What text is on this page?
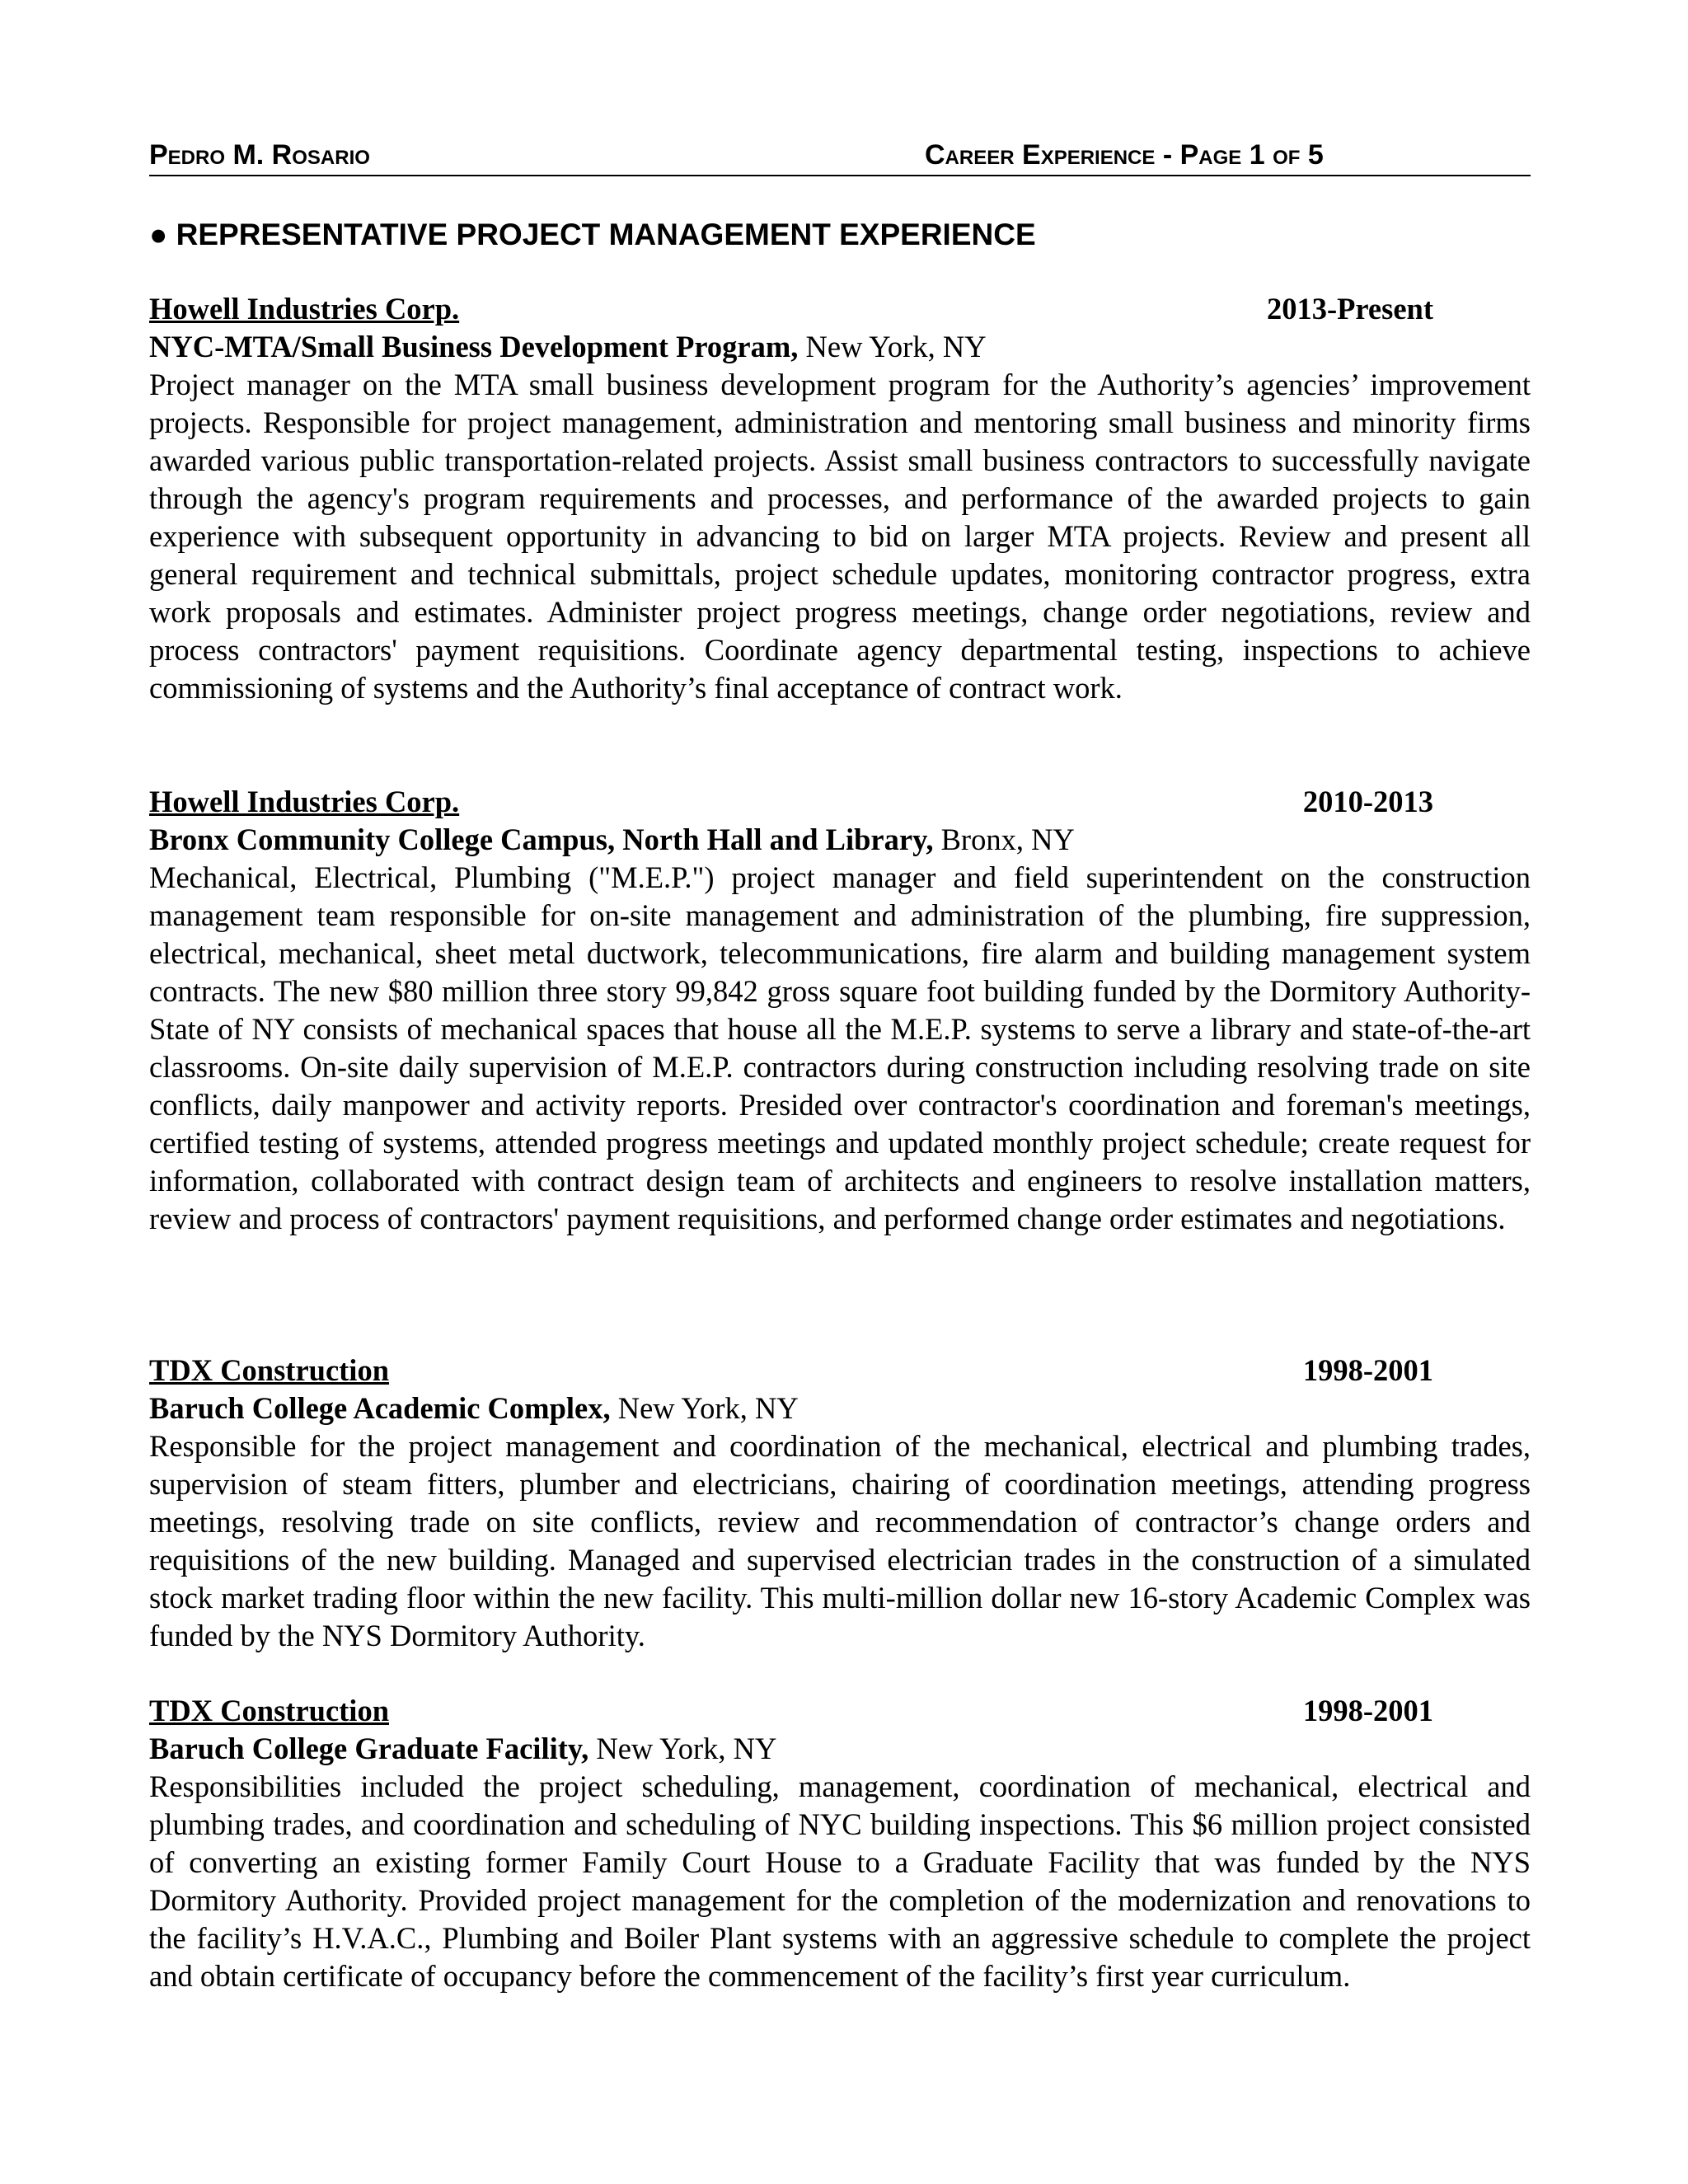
Pedro M. Rosario	Career Experience - Page 1 of 5
● REPRESENTATIVE PROJECT MANAGEMENT EXPERIENCE
Howell Industries Corp.	2013-Present
NYC-MTA/Small Business Development Program, New York, NY

Project manager on the MTA small business development program for the Authority’s agencies’ improvement projects. Responsible for project management, administration and mentoring small business and minority firms awarded various public transportation-related projects. Assist small business contractors to successfully navigate through the agency's program requirements and processes, and performance of the awarded projects to gain experience with subsequent opportunity in advancing to bid on larger MTA projects. Review and present all general requirement and technical submittals, project schedule updates, monitoring contractor progress, extra work proposals and estimates. Administer project progress meetings, change order negotiations, review and process contractors' payment requisitions. Coordinate agency departmental testing, inspections to achieve commissioning of systems and the Authority’s final acceptance of contract work.

Howell Industries Corp.	2010-2013
Bronx Community College Campus, North Hall and Library, Bronx, NY

Mechanical, Electrical, Plumbing ("M.E.P.") project manager and field superintendent on the construction management team responsible for on-site management and administration of the plumbing, fire suppression, electrical, mechanical, sheet metal ductwork, telecommunications, fire alarm and building management system contracts. The new $80 million three story 99,842 gross square foot building funded by the Dormitory Authority-State of NY consists of mechanical spaces that house all the M.E.P. systems to serve a library and state-of-the-art classrooms. On-site daily supervision of M.E.P. contractors during construction including resolving trade on site conflicts, daily manpower and activity reports. Presided over contractor's coordination and foreman's meetings, certified testing of systems, attended progress meetings and updated monthly project schedule; create request for information, collaborated with contract design team of architects and engineers to resolve installation matters, review and process of contractors' payment requisitions, and performed change order estimates and negotiations.

TDX Construction	1998-2001
Baruch College Academic Complex, New York, NY

Responsible for the project management and coordination of the mechanical, electrical and plumbing trades, supervision of steam fitters, plumber and electricians, chairing of coordination meetings, attending progress meetings, resolving trade on site conflicts, review and recommendation of contractor’s change orders and requisitions of the new building. Managed and supervised electrician trades in the construction of a simulated stock market trading floor within the new facility. This multi-million dollar new 16-story Academic Complex was funded by the NYS Dormitory Authority.

TDX Construction	1998-2001
Baruch College Graduate Facility, New York, NY

Responsibilities included the project scheduling, management, coordination of mechanical, electrical and plumbing trades, and coordination and scheduling of NYC building inspections. This $6 million project consisted of converting an existing former Family Court House to a Graduate Facility that was funded by the NYS Dormitory Authority. Provided project management for the completion of the modernization and renovations to the facility’s H.V.A.C., Plumbing and Boiler Plant systems with an aggressive schedule to complete the project and obtain certificate of occupancy before the commencement of the facility’s first year curriculum.
